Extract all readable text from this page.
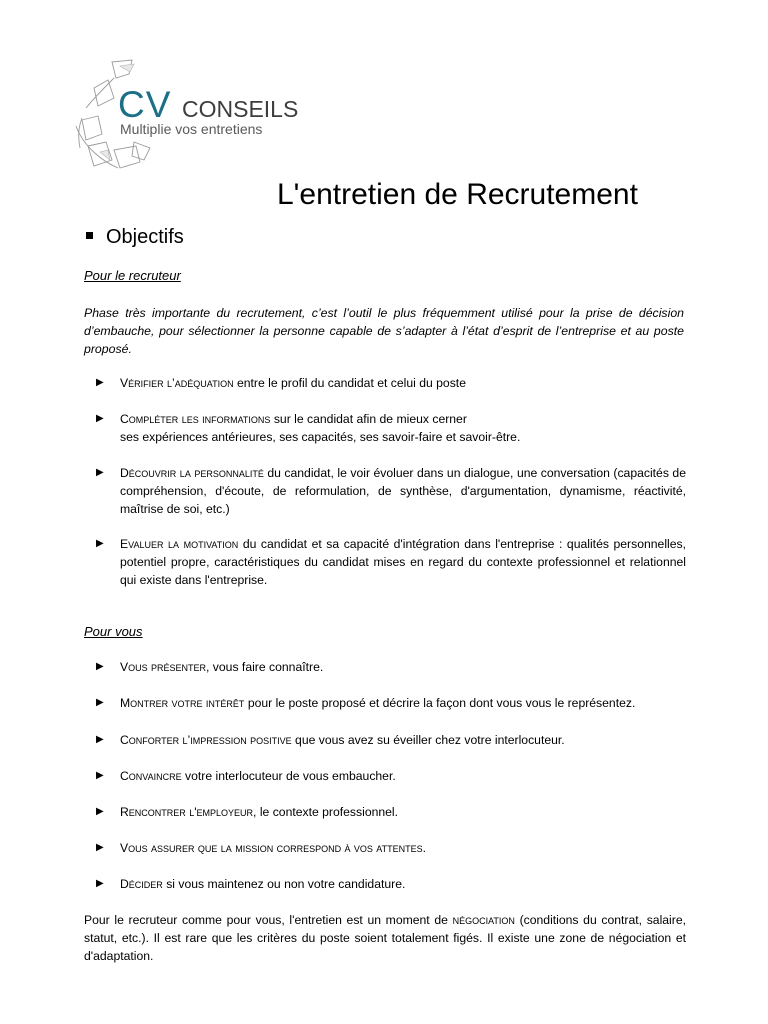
CV CONSEILS
Multiplie vos entretiens
L'entretien de Recrutement
Objectifs
Pour le recruteur
Phase très importante du recrutement, c’est l’outil le plus fréquemment utilisé pour la prise de décision d’embauche, pour sélectionner la personne capable de s’adapter à l’état d’esprit de l’entreprise et au poste proposé.
▶ Vérifier l’adéquation entre le profil du candidat et celui du poste
▶ Compléter les informations sur le candidat afin de mieux cerner
ses expériences antérieures, ses capacités, ses savoir-faire et savoir-être.
▶ Découvrir la personnalité du candidat, le voir évoluer dans un dialogue, une conversation (capacités de compréhension, d'écoute, de reformulation, de synthèse, d'argumentation, dynamisme, réactivité, maîtrise de soi, etc.)
▶ Evaluer la motivation du candidat et sa capacité d'intégration dans l'entreprise : qualités personnelles, potentiel propre, caractéristiques du candidat mises en regard du contexte professionnel et relationnel qui existe dans l'entreprise.
Pour vous
▶ Vous présenter, vous faire connaître.
▶ Montrer votre intérêt pour le poste proposé et décrire la façon dont vous vous le représentez.
▶ Conforter l’impression positive que vous avez su éveiller chez votre interlocuteur.
▶ Convaincre votre interlocuteur de vous embaucher.
▶ Rencontrer l'employeur, le contexte professionnel.
▶ Vous assurer que la mission correspond à vos attentes.
▶ Décider si vous maintenez ou non votre candidature.
Pour le recruteur comme pour vous, l'entretien est un moment de négociation (conditions du contrat, salaire, statut, etc.). Il est rare que les critères du poste soient totalement figés. Il existe une zone de négociation et d'adaptation.
